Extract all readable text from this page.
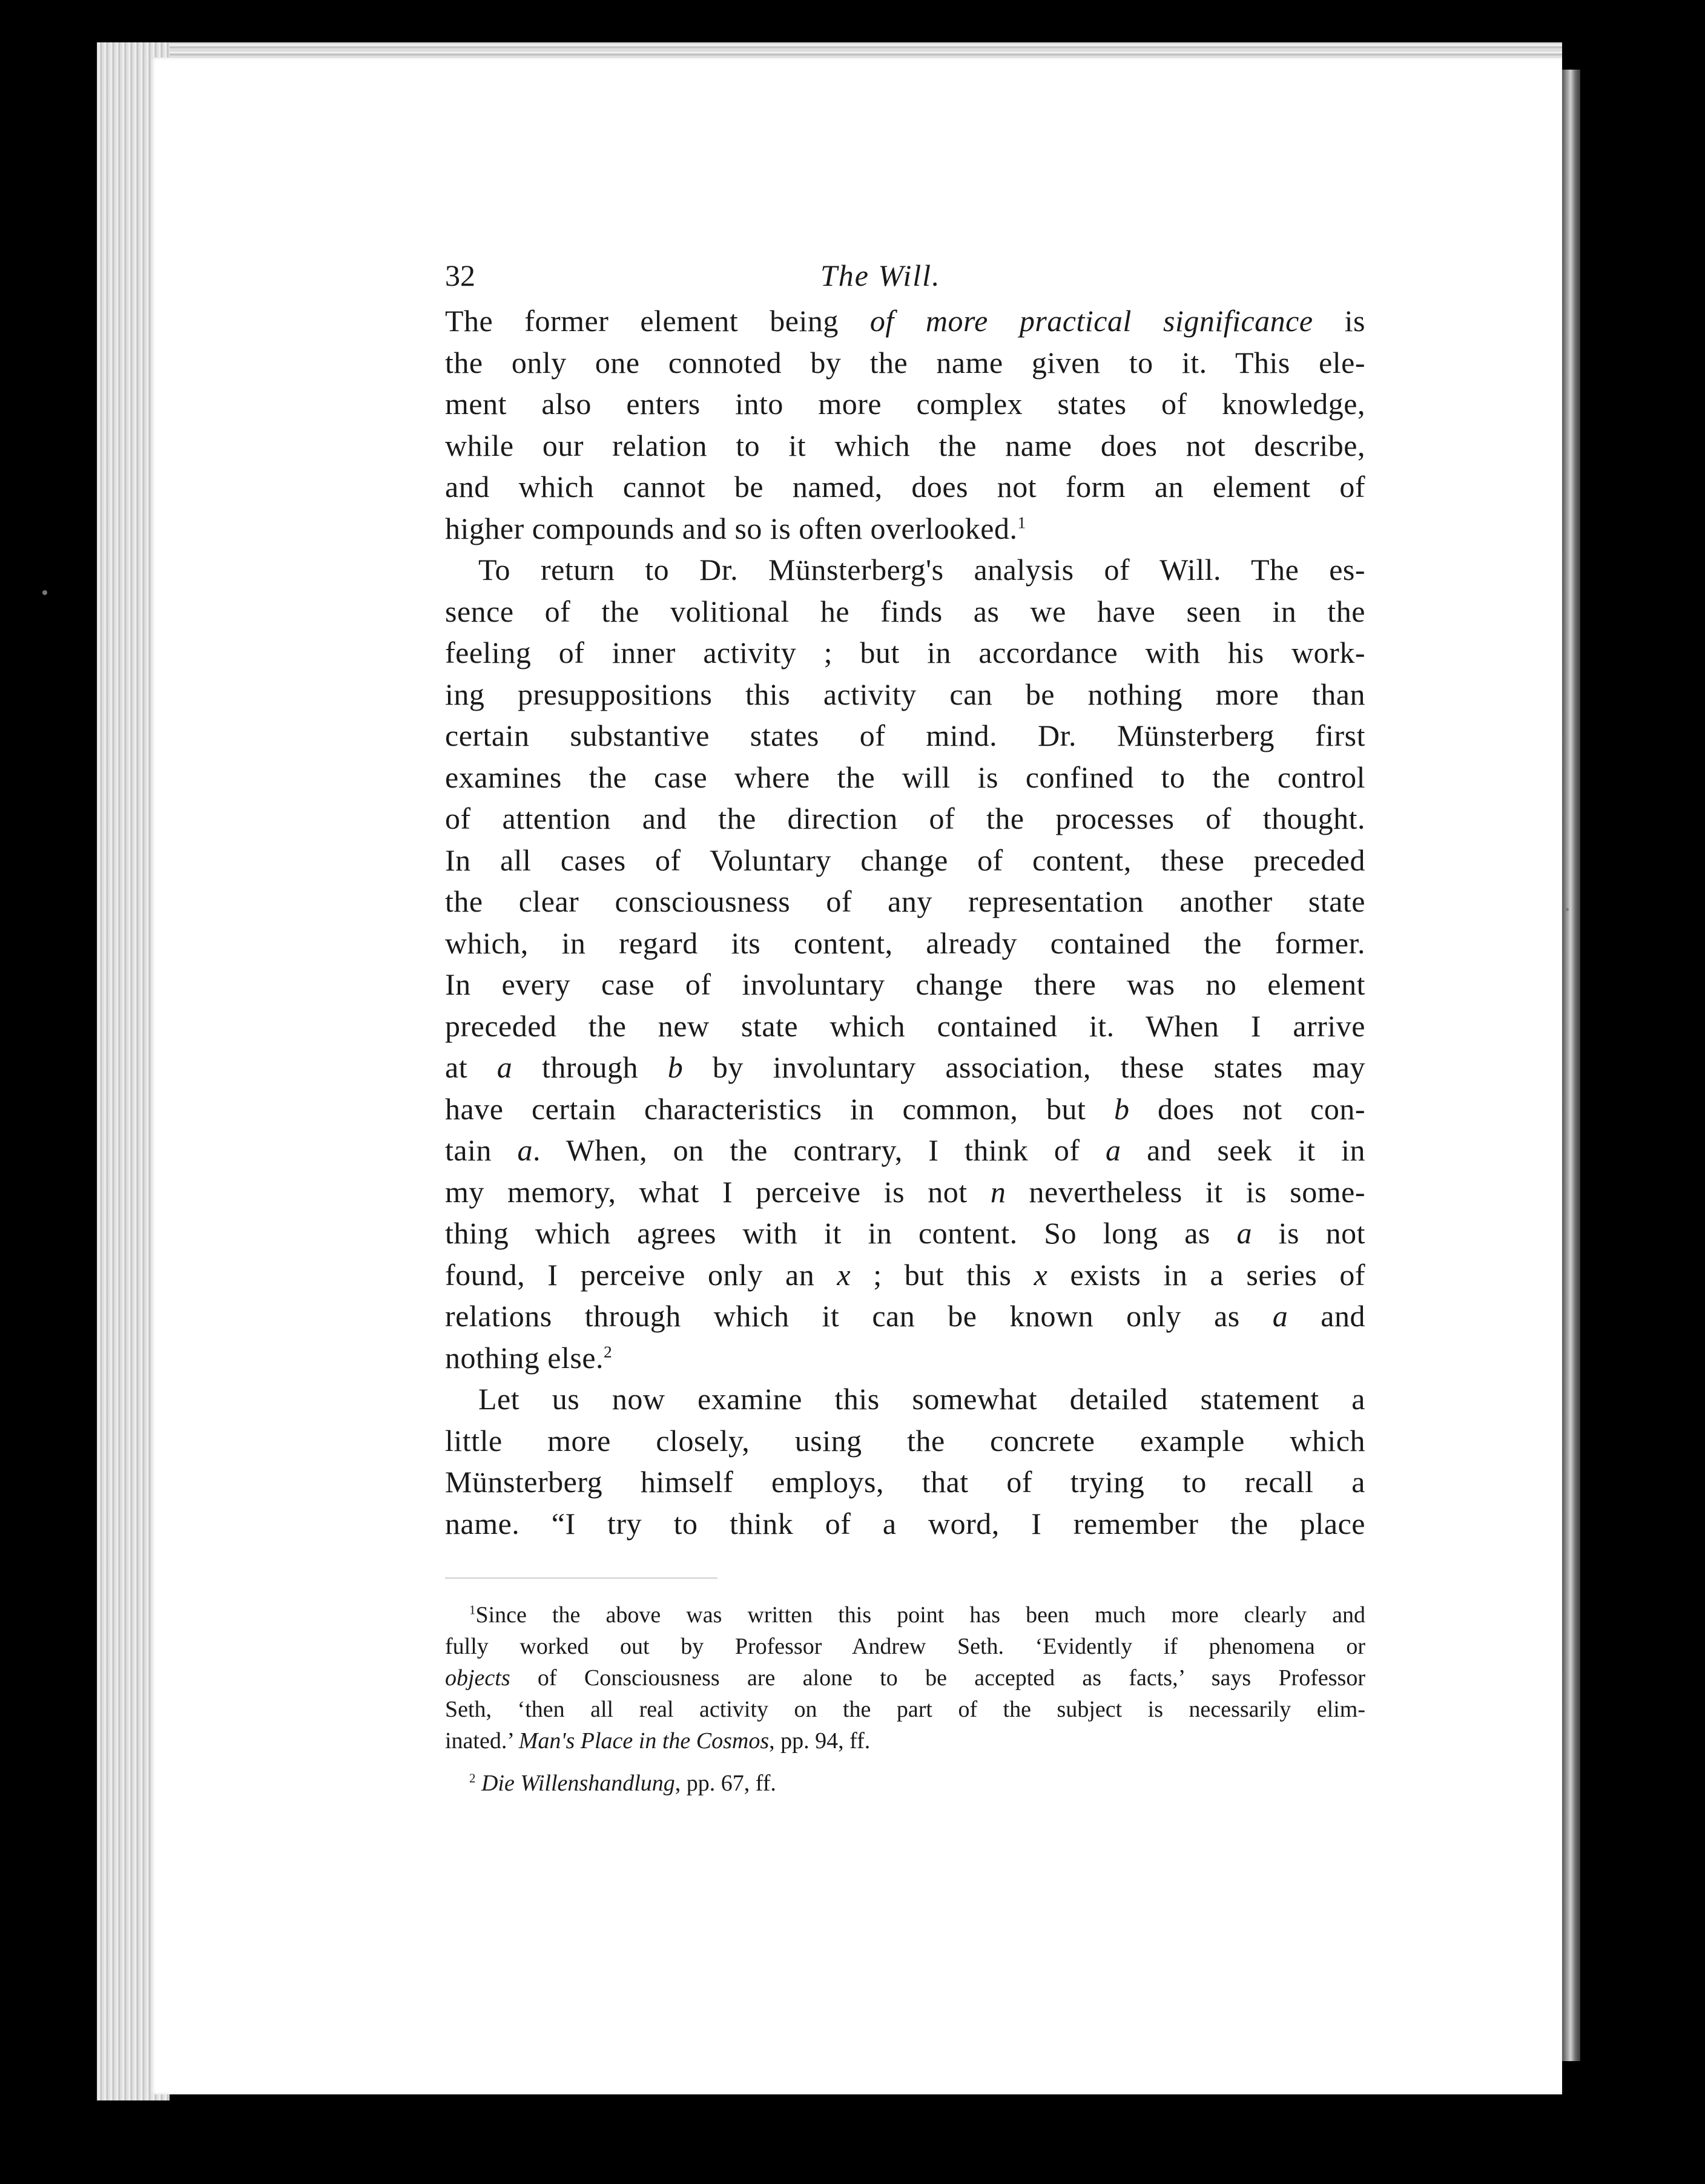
32	The Will.
The former element being of more practical significance is
the only one connoted by the name given to it. This ele-
ment also enters into more complex states of knowledge,
while our relation to it which the name does not describe,
and which cannot be named, does not form an element of
higher compounds and so is often overlooked.$^1$
To return to Dr. Münsterberg's analysis of Will. The es-
sence of the volitional he finds as we have seen in the
feeling of inner activity ; but in accordance with his work-
ing presuppositions this activity can be nothing more than
certain substantive states of mind. Dr. Münsterberg first
examines the case where the will is confined to the control
of attention and the direction of the processes of thought.
In all cases of Voluntary change of content, these preceded
the clear consciousness of any representation another state
which, in regard its content, already contained the former.
In every case of involuntary change there was no element
preceded the new state which contained it. When I arrive
at a through b by involuntary association, these states may
have certain characteristics in common, but b does not con-
tain a. When, on the contrary, I think of a and seek it in
my memory, what I perceive is not n nevertheless it is some-
thing which agrees with it in content. So long as a is not
found, I perceive only an x ; but this x exists in a series of
relations through which it can be known only as a and
nothing else.$^2$
Let us now examine this somewhat detailed statement a
little more closely, using the concrete example which
Münsterberg himself employs, that of trying to recall a
name. “I try to think of a word, I remember the place
$^1$Since the above was written this point has been much more clearly and
fully worked out by Professor Andrew Seth. ‘Evidently if phenomena or
objects of Consciousness are alone to be accepted as facts,’ says Professor
Seth, ‘then all real activity on the part of the subject is necessarily elim-
inated.’ Man's Place in the Cosmos, pp. 94, ff.
$^2$ Die Willenshandlung, pp. 67, ff.
